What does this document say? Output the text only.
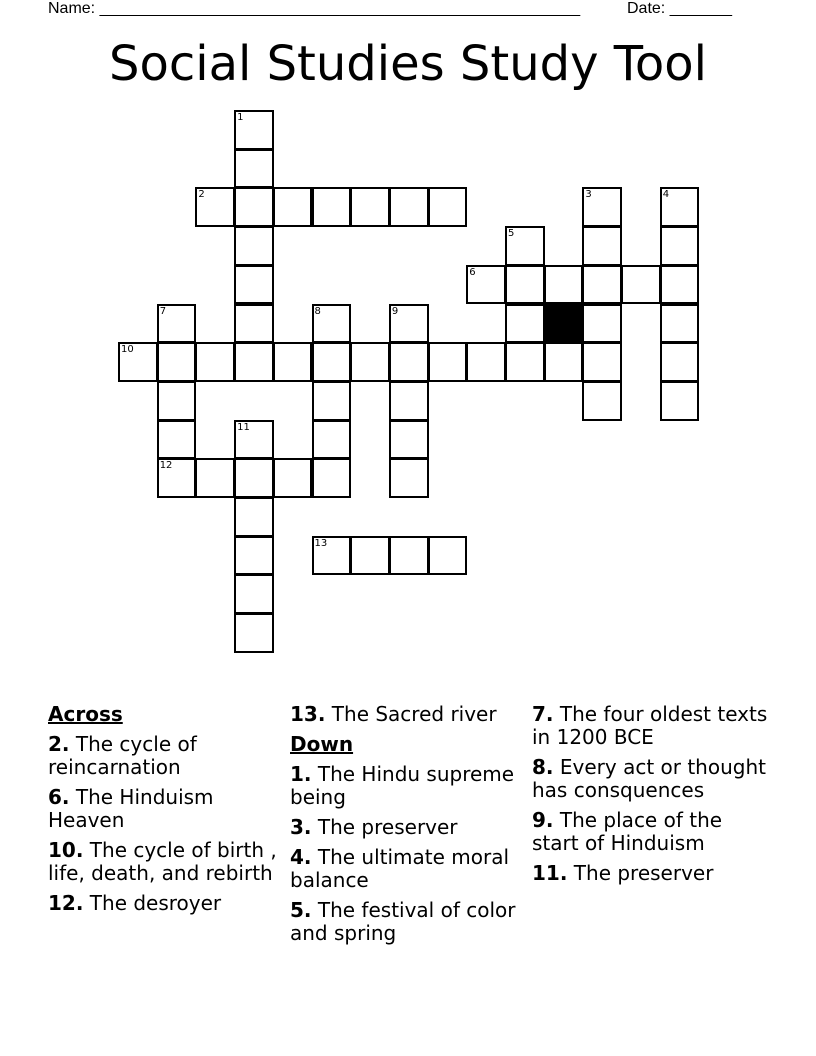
Name: ______________________________________________________	Date: _______
Social Studies Study Tool
1
2	3	4
5
6
7	8	9
10
11
12
13
Across
2. The cycle of reincarnation
6. The Hinduism Heaven
10. The cycle of birth , life, death, and rebirth
12. The desroyer
13. The Sacred river
Down
1. The Hindu supreme being
3. The preserver
4. The ultimate moral balance
5. The festival of color and spring
7. The four oldest texts in 1200 BCE
8. Every act or thought has consquences
9. The place of the start of Hinduism
11. The preserver
